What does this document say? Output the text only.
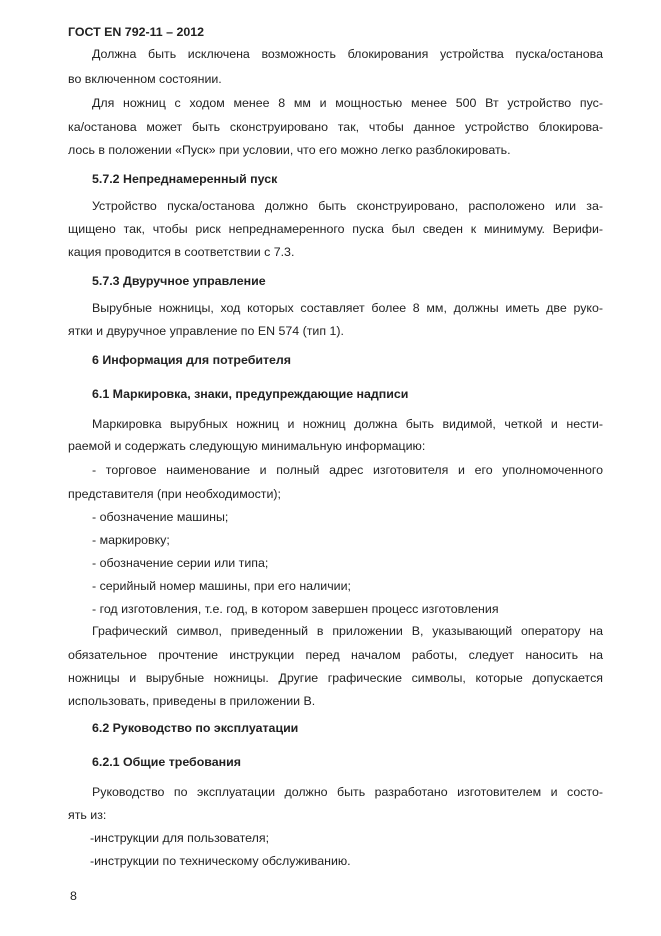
ГОСТ EN 792-11 – 2012
Должна быть исключена возможность блокирования устройства пуска/останова
во включенном состоянии.
Для ножниц с ходом менее 8 мм и мощностью менее 500 Вт устройство пус-
ка/останова может быть сконструировано так, чтобы данное устройство блокирова-
лось в положении «Пуск» при условии, что его можно легко разблокировать.
5.7.2 Непреднамеренный пуск
Устройство пуска/останова должно быть сконструировано, расположено или за-
щищено так, чтобы риск непреднамеренного пуска был сведен к минимуму. Верифи-
кация проводится в соответствии с 7.3.
5.7.3 Двуручное управление
Вырубные ножницы, ход которых составляет более 8 мм, должны иметь две руко-
ятки и двуручное управление по EN 574 (тип 1).
6 Информация для потребителя
6.1 Маркировка, знаки, предупреждающие надписи
Маркировка вырубных ножниц и ножниц должна быть видимой, четкой и нести-
раемой и содержать следующую минимальную информацию:
- торговое наименование и полный адрес изготовителя и его уполномоченного
представителя (при необходимости);
- обозначение машины;
- маркировку;
- обозначение серии или типа;
- серийный номер машины, при его наличии;
- год изготовления, т.е. год, в котором завершен процесс изготовления
Графический символ, приведенный в приложении В, указывающий оператору на
обязательное прочтение инструкции перед началом работы, следует наносить на
ножницы и вырубные ножницы. Другие графические символы, которые допускается
использовать, приведены в приложении В.
6.2 Руководство по эксплуатации
6.2.1 Общие требования
Руководство по эксплуатации должно быть разработано изготовителем и состо-
ять из:
-инструкции для пользователя;
-инструкции по техническому обслуживанию.
8
